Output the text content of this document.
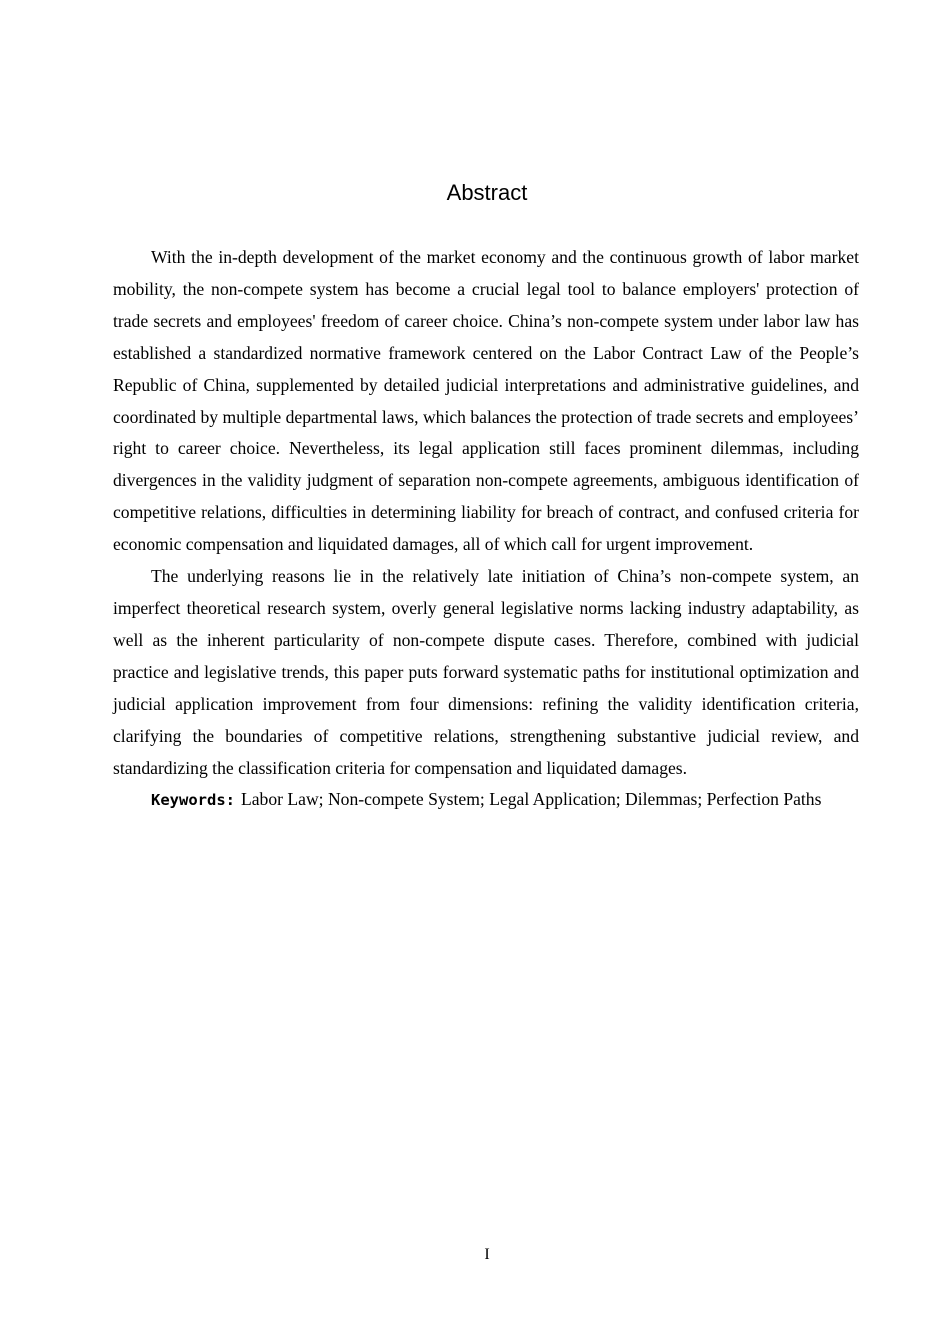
Abstract

With the in-depth development of the market economy and the continuous growth of labor market mobility, the non-compete system has become a crucial legal tool to balance employers' protection of trade secrets and employees' freedom of career choice. China’s non-compete system under labor law has established a standardized normative framework centered on the Labor Contract Law of the People’s Republic of China, supplemented by detailed judicial interpretations and administrative guidelines, and coordinated by multiple departmental laws, which balances the protection of trade secrets and employees’ right to career choice. Nevertheless, its legal application still faces prominent dilemmas, including divergences in the validity judgment of separation non-compete agreements, ambiguous identification of competitive relations, difficulties in determining liability for breach of contract, and confused criteria for economic compensation and liquidated damages, all of which call for urgent improvement.

The underlying reasons lie in the relatively late initiation of China’s non-compete system, an imperfect theoretical research system, overly general legislative norms lacking industry adaptability, as well as the inherent particularity of non-compete dispute cases. Therefore, combined with judicial practice and legislative trends, this paper puts forward systematic paths for institutional optimization and judicial application improvement from four dimensions: refining the validity identification criteria, clarifying the boundaries of competitive relations, strengthening substantive judicial review, and standardizing the classification criteria for compensation and liquidated damages.

Keywords: Labor Law; Non-compete System; Legal Application; Dilemmas; Perfection Paths

I
